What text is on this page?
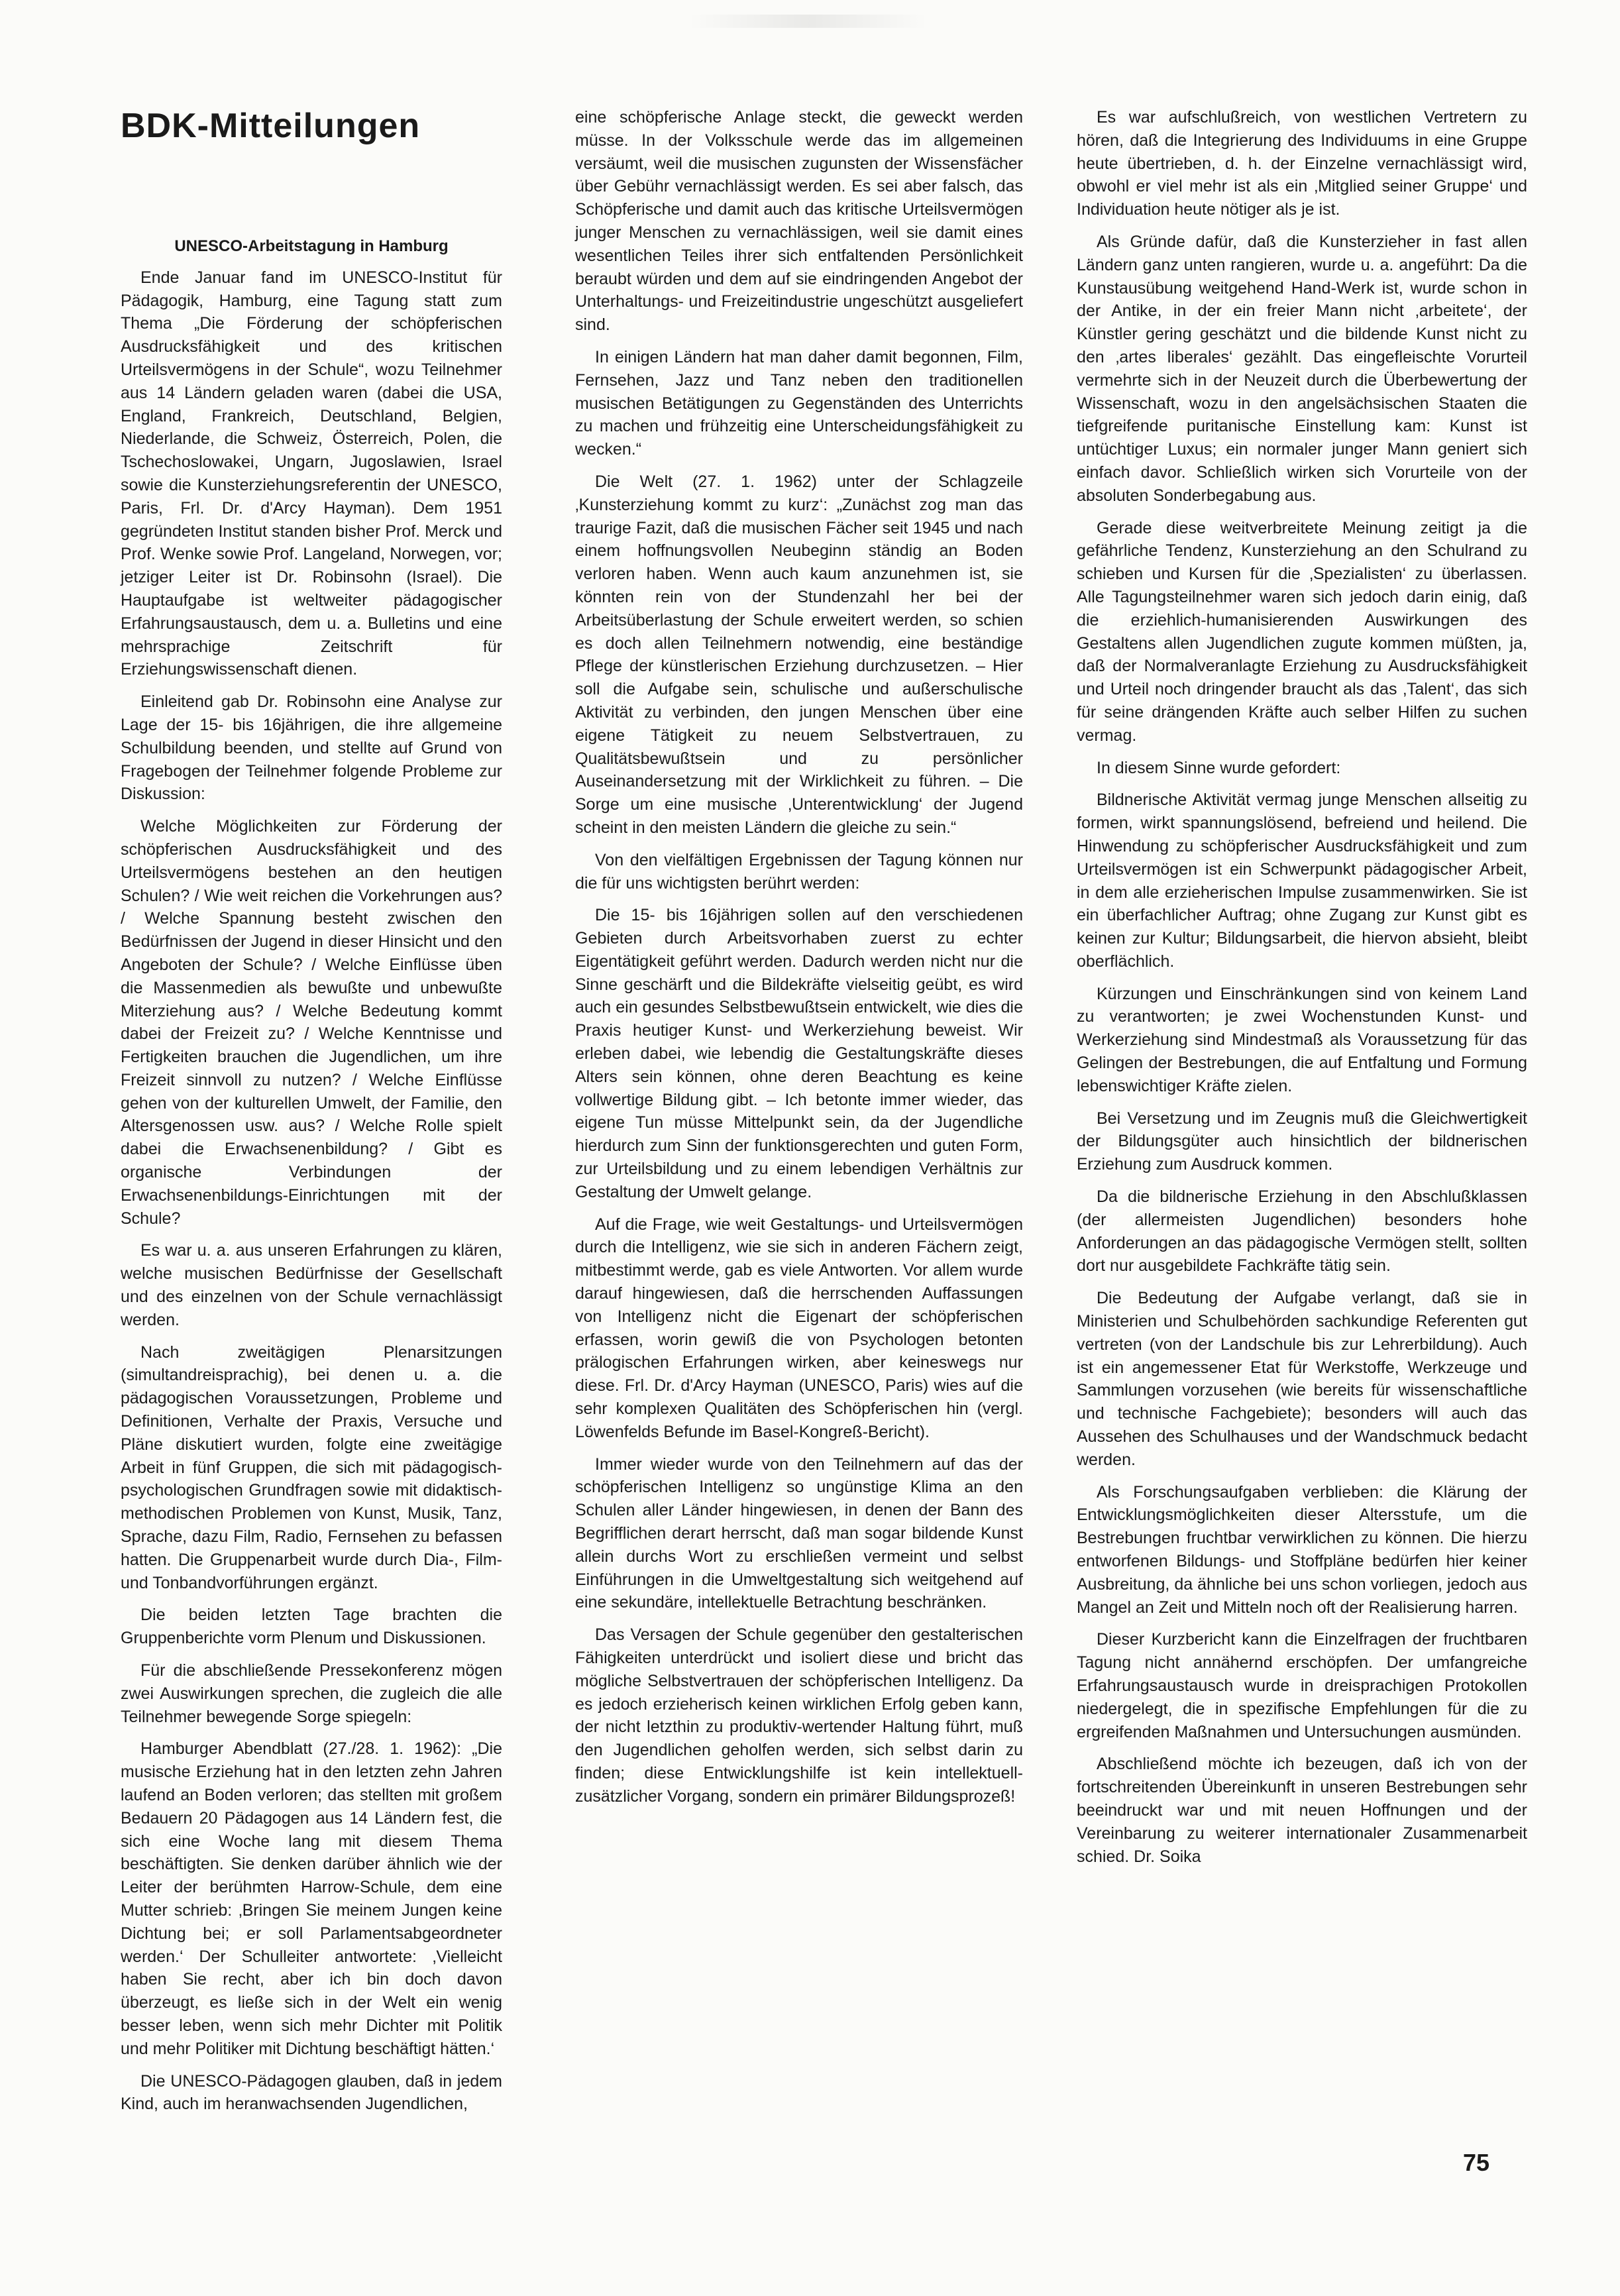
BDK-Mitteilungen
UNESCO-Arbeitstagung in Hamburg

Ende Januar fand im UNESCO-Institut für Pädagogik, Hamburg, eine Tagung statt zum Thema „Die Förderung der schöpferischen Ausdrucksfähigkeit und des kritischen Urteilsvermögens in der Schule“, wozu Teilnehmer aus 14 Ländern geladen waren (dabei die USA, England, Frankreich, Deutschland, Belgien, Niederlande, die Schweiz, Österreich, Polen, die Tschechoslowakei, Ungarn, Jugoslawien, Israel sowie die Kunsterziehungsreferentin der UNESCO, Paris, Frl. Dr. d'Arcy Hayman). Dem 1951 gegründeten Institut standen bisher Prof. Merck und Prof. Wenke sowie Prof. Langeland, Norwegen, vor; jetziger Leiter ist Dr. Robinsohn (Israel). Die Hauptaufgabe ist weltweiter pädagogischer Erfahrungsaustausch, dem u. a. Bulletins und eine mehrsprachige Zeitschrift für Erziehungswissenschaft dienen.

Einleitend gab Dr. Robinsohn eine Analyse zur Lage der 15- bis 16jährigen, die ihre allgemeine Schulbildung beenden, und stellte auf Grund von Fragebogen der Teilnehmer folgende Probleme zur Diskussion:

Welche Möglichkeiten zur Förderung der schöpferischen Ausdrucksfähigkeit und des Urteilsvermögens bestehen an den heutigen Schulen? / Wie weit reichen die Vorkehrungen aus? / Welche Spannung besteht zwischen den Bedürfnissen der Jugend in dieser Hinsicht und den Angeboten der Schule? / Welche Einflüsse üben die Massenmedien als bewußte und unbewußte Miterziehung aus? / Welche Bedeutung kommt dabei der Freizeit zu? / Welche Kenntnisse und Fertigkeiten brauchen die Jugendlichen, um ihre Freizeit sinnvoll zu nutzen? / Welche Einflüsse gehen von der kulturellen Umwelt, der Familie, den Altersgenossen usw. aus? / Welche Rolle spielt dabei die Erwachsenenbildung? / Gibt es organische Verbindungen der Erwachsenenbildungs-Einrichtungen mit der Schule?

Es war u. a. aus unseren Erfahrungen zu klären, welche musischen Bedürfnisse der Gesellschaft und des einzelnen von der Schule vernachlässigt werden.

Nach zweitägigen Plenarsitzungen (simultandreisprachig), bei denen u. a. die pädagogischen Voraussetzungen, Probleme und Definitionen, Verhalte der Praxis, Versuche und Pläne diskutiert wurden, folgte eine zweitägige Arbeit in fünf Gruppen, die sich mit pädagogisch-psychologischen Grundfragen sowie mit didaktisch-methodischen Problemen von Kunst, Musik, Tanz, Sprache, dazu Film, Radio, Fernsehen zu befassen hatten. Die Gruppenarbeit wurde durch Dia-, Film- und Tonbandvorführungen ergänzt.

Die beiden letzten Tage brachten die Gruppenberichte vorm Plenum und Diskussionen.

Für die abschließende Pressekonferenz mögen zwei Auswirkungen sprechen, die zugleich die alle Teilnehmer bewegende Sorge spiegeln:

Hamburger Abendblatt (27./28. 1. 1962): „Die musische Erziehung hat in den letzten zehn Jahren laufend an Boden verloren; das stellten mit großem Bedauern 20 Pädagogen aus 14 Ländern fest, die sich eine Woche lang mit diesem Thema beschäftigten. Sie denken darüber ähnlich wie der Leiter der berühmten Harrow-Schule, dem eine Mutter schrieb: ‚Bringen Sie meinem Jungen keine Dichtung bei; er soll Parlamentsabgeordneter werden.‘ Der Schulleiter antwortete: ‚Vielleicht haben Sie recht, aber ich bin doch davon überzeugt, es ließe sich in der Welt ein wenig besser leben, wenn sich mehr Dichter mit Politik und mehr Politiker mit Dichtung beschäftigt hätten.‘

Die UNESCO-Pädagogen glauben, daß in jedem Kind, auch im heranwachsenden Jugendlichen,

eine schöpferische Anlage steckt, die geweckt werden müsse. In der Volksschule werde das im allgemeinen versäumt, weil die musischen zugunsten der Wissensfächer über Gebühr vernachlässigt werden. Es sei aber falsch, das Schöpferische und damit auch das kritische Urteilsvermögen junger Menschen zu vernachlässigen, weil sie damit eines wesentlichen Teiles ihrer sich entfaltenden Persönlichkeit beraubt würden und dem auf sie eindringenden Angebot der Unterhaltungs- und Freizeitindustrie ungeschützt ausgeliefert sind.

In einigen Ländern hat man daher damit begonnen, Film, Fernsehen, Jazz und Tanz neben den traditionellen musischen Betätigungen zu Gegenständen des Unterrichts zu machen und frühzeitig eine Unterscheidungsfähigkeit zu wecken.“

Die Welt (27. 1. 1962) unter der Schlagzeile ‚Kunsterziehung kommt zu kurz‘: „Zunächst zog man das traurige Fazit, daß die musischen Fächer seit 1945 und nach einem hoffnungsvollen Neubeginn ständig an Boden verloren haben. Wenn auch kaum anzunehmen ist, sie könnten rein von der Stundenzahl her bei der Arbeitsüberlastung der Schule erweitert werden, so schien es doch allen Teilnehmern notwendig, eine beständige Pflege der künstlerischen Erziehung durchzusetzen. – Hier soll die Aufgabe sein, schulische und außerschulische Aktivität zu verbinden, den jungen Menschen über eine eigene Tätigkeit zu neuem Selbstvertrauen, zu Qualitätsbewußtsein und zu persönlicher Auseinandersetzung mit der Wirklichkeit zu führen. – Die Sorge um eine musische ‚Unterentwicklung‘ der Jugend scheint in den meisten Ländern die gleiche zu sein.“

Von den vielfältigen Ergebnissen der Tagung können nur die für uns wichtigsten berührt werden:

Die 15- bis 16jährigen sollen auf den verschiedenen Gebieten durch Arbeitsvorhaben zuerst zu echter Eigentätigkeit geführt werden. Dadurch werden nicht nur die Sinne geschärft und die Bildekräfte vielseitig geübt, es wird auch ein gesundes Selbstbewußtsein entwickelt, wie dies die Praxis heutiger Kunst- und Werkerziehung beweist. Wir erleben dabei, wie lebendig die Gestaltungskräfte dieses Alters sein können, ohne deren Beachtung es keine vollwertige Bildung gibt. – Ich betonte immer wieder, das eigene Tun müsse Mittelpunkt sein, da der Jugendliche hierdurch zum Sinn der funktionsgerechten und guten Form, zur Urteilsbildung und zu einem lebendigen Verhältnis zur Gestaltung der Umwelt gelange.

Auf die Frage, wie weit Gestaltungs- und Urteilsvermögen durch die Intelligenz, wie sie sich in anderen Fächern zeigt, mitbestimmt werde, gab es viele Antworten. Vor allem wurde darauf hingewiesen, daß die herrschenden Auffassungen von Intelligenz nicht die Eigenart der schöpferischen erfassen, worin gewiß die von Psychologen betonten prälogischen Erfahrungen wirken, aber keineswegs nur diese. Frl. Dr. d'Arcy Hayman (UNESCO, Paris) wies auf die sehr komplexen Qualitäten des Schöpferischen hin (vergl. Löwenfelds Befunde im Basel-Kongreß-Bericht).

Immer wieder wurde von den Teilnehmern auf das der schöpferischen Intelligenz so ungünstige Klima an den Schulen aller Länder hingewiesen, in denen der Bann des Begrifflichen derart herrscht, daß man sogar bildende Kunst allein durchs Wort zu erschließen vermeint und selbst Einführungen in die Umweltgestaltung sich weitgehend auf eine sekundäre, intellektuelle Betrachtung beschränken.

Das Versagen der Schule gegenüber den gestalterischen Fähigkeiten unterdrückt und isoliert diese und bricht das mögliche Selbstvertrauen der schöpferischen Intelligenz. Da es jedoch erzieherisch keinen wirklichen Erfolg geben kann, der nicht letzthin zu produktiv-wertender Haltung führt, muß den Jugendlichen geholfen werden, sich selbst darin zu finden; diese Entwicklungshilfe ist kein intellektuell-zusätzlicher Vorgang, sondern ein primärer Bildungsprozeß!

Es war aufschlußreich, von westlichen Vertretern zu hören, daß die Integrierung des Individuums in eine Gruppe heute übertrieben, d. h. der Einzelne vernachlässigt wird, obwohl er viel mehr ist als ein ‚Mitglied seiner Gruppe‘ und Individuation heute nötiger als je ist.

Als Gründe dafür, daß die Kunsterzieher in fast allen Ländern ganz unten rangieren, wurde u. a. angeführt: Da die Kunstausübung weitgehend Hand-Werk ist, wurde schon in der Antike, in der ein freier Mann nicht ‚arbeitete‘, der Künstler gering geschätzt und die bildende Kunst nicht zu den ‚artes liberales‘ gezählt. Das eingefleischte Vorurteil vermehrte sich in der Neuzeit durch die Überbewertung der Wissenschaft, wozu in den angelsächsischen Staaten die tiefgreifende puritanische Einstellung kam: Kunst ist untüchtiger Luxus; ein normaler junger Mann geniert sich einfach davor. Schließlich wirken sich Vorurteile von der absoluten Sonderbegabung aus.

Gerade diese weitverbreitete Meinung zeitigt ja die gefährliche Tendenz, Kunsterziehung an den Schulrand zu schieben und Kursen für die ‚Spezialisten‘ zu überlassen. Alle Tagungsteilnehmer waren sich jedoch darin einig, daß die erziehlich-humanisierenden Auswirkungen des Gestaltens allen Jugendlichen zugute kommen müßten, ja, daß der Normalveranlagte Erziehung zu Ausdrucksfähigkeit und Urteil noch dringender braucht als das ‚Talent‘, das sich für seine drängenden Kräfte auch selber Hilfen zu suchen vermag.

In diesem Sinne wurde gefordert:

Bildnerische Aktivität vermag junge Menschen allseitig zu formen, wirkt spannungslösend, befreiend und heilend. Die Hinwendung zu schöpferischer Ausdrucksfähigkeit und zum Urteilsvermögen ist ein Schwerpunkt pädagogischer Arbeit, in dem alle erzieherischen Impulse zusammenwirken. Sie ist ein überfachlicher Auftrag; ohne Zugang zur Kunst gibt es keinen zur Kultur; Bildungsarbeit, die hiervon absieht, bleibt oberflächlich.

Kürzungen und Einschränkungen sind von keinem Land zu verantworten; je zwei Wochenstunden Kunst- und Werkerziehung sind Mindestmaß als Voraussetzung für das Gelingen der Bestrebungen, die auf Entfaltung und Formung lebenswichtiger Kräfte zielen.

Bei Versetzung und im Zeugnis muß die Gleichwertigkeit der Bildungsgüter auch hinsichtlich der bildnerischen Erziehung zum Ausdruck kommen.

Da die bildnerische Erziehung in den Abschlußklassen (der allermeisten Jugendlichen) besonders hohe Anforderungen an das pädagogische Vermögen stellt, sollten dort nur ausgebildete Fachkräfte tätig sein.

Die Bedeutung der Aufgabe verlangt, daß sie in Ministerien und Schulbehörden sachkundige Referenten gut vertreten (von der Landschule bis zur Lehrerbildung). Auch ist ein angemessener Etat für Werkstoffe, Werkzeuge und Sammlungen vorzusehen (wie bereits für wissenschaftliche und technische Fachgebiete); besonders will auch das Aussehen des Schulhauses und der Wandschmuck bedacht werden.

Als Forschungsaufgaben verblieben: die Klärung der Entwicklungsmöglichkeiten dieser Altersstufe, um die Bestrebungen fruchtbar verwirklichen zu können. Die hierzu entworfenen Bildungs- und Stoffpläne bedürfen hier keiner Ausbreitung, da ähnliche bei uns schon vorliegen, jedoch aus Mangel an Zeit und Mitteln noch oft der Realisierung harren.

Dieser Kurzbericht kann die Einzelfragen der fruchtbaren Tagung nicht annähernd erschöpfen. Der umfangreiche Erfahrungsaustausch wurde in dreisprachigen Protokollen niedergelegt, die in spezifische Empfehlungen für die zu ergreifenden Maßnahmen und Untersuchungen ausmünden.

Abschließend möchte ich bezeugen, daß ich von der fortschreitenden Übereinkunft in unseren Bestrebungen sehr beeindruckt war und mit neuen Hoffnungen und der Vereinbarung zu weiterer internationaler Zusammenarbeit schied. Dr. Soika

75
